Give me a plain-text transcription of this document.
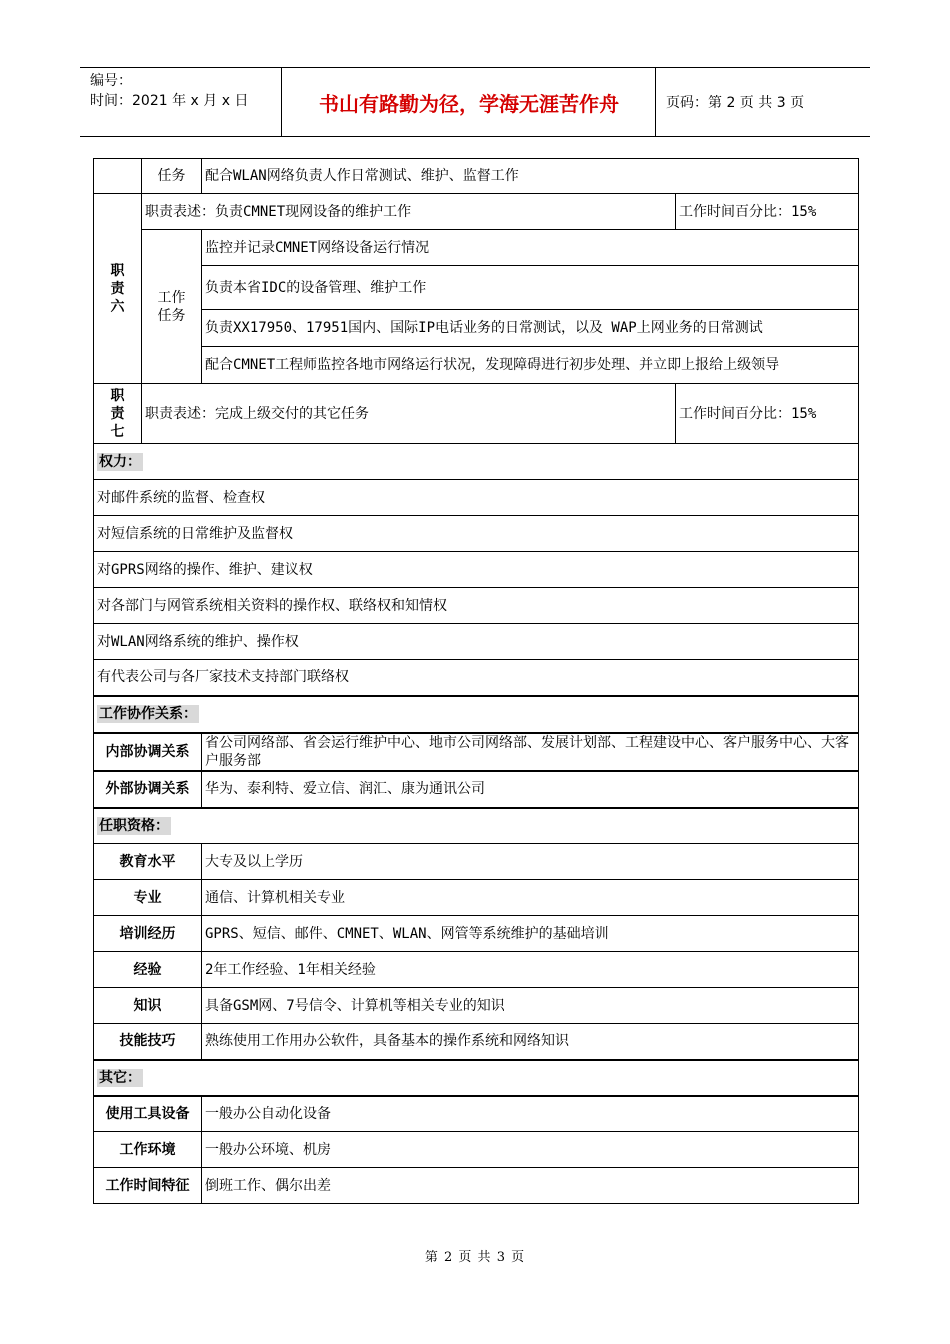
编号：
时间：2021 年 x 月 x 日	书山有路勤为径，学海无涯苦作舟	页码：第 2 页 共 3 页
	任务	配合WLAN网络负责人作日常测试、维护、监督工作	

职责六	职责表述：负责CMNET现网设备的维护工作		工作时间百分比：15%

	工作任务	监控并记录CMNET网络设备运行情况	
		负责本省IDC的设备管理、维护工作	
		负责XX17950、17951国内、国际IP电话业务的日常测试，以及 WAP上网业务的日常测试	
		配合CMNET工程师监控各地市网络运行状况，发现障碍进行初步处理、并立即上报给上级领导	

职责七	职责表述：完成上级交付的其它任务		工作时间百分比：15%
权力：			
对邮件系统的监督、检查权			
对短信系统的日常维护及监督权			
对GPRS网络的操作、维护、建议权			
对各部门与网管系统相关资料的操作权、联络权和知情权			
对WLAN网络系统的维护、操作权			
有代表公司与各厂家技术支持部门联络权			
工作协作关系：			
内部协调关系		省公司网络部、省会运行维护中心、地市公司网络部、发展计划部、工程建设中心、客户服务中心、大客户服务部	
外部协调关系		华为、泰利特、爱立信、润汇、康为通讯公司	
任职资格：			
教育水平		大专及以上学历	
专业		通信、计算机相关专业	
培训经历		GPRS、短信、邮件、CMNET、WLAN、网管等系统维护的基础培训	
经验		2年工作经验、1年相关经验	
知识		具备GSM网、7号信令、计算机等相关专业的知识	
技能技巧		熟练使用工作用办公软件，具备基本的操作系统和网络知识	
其它：			
使用工具设备		一般办公自动化设备	
工作环境		一般办公环境、机房	
工作时间特征		倒班工作、偶尔出差	
第 2 页 共 3 页
